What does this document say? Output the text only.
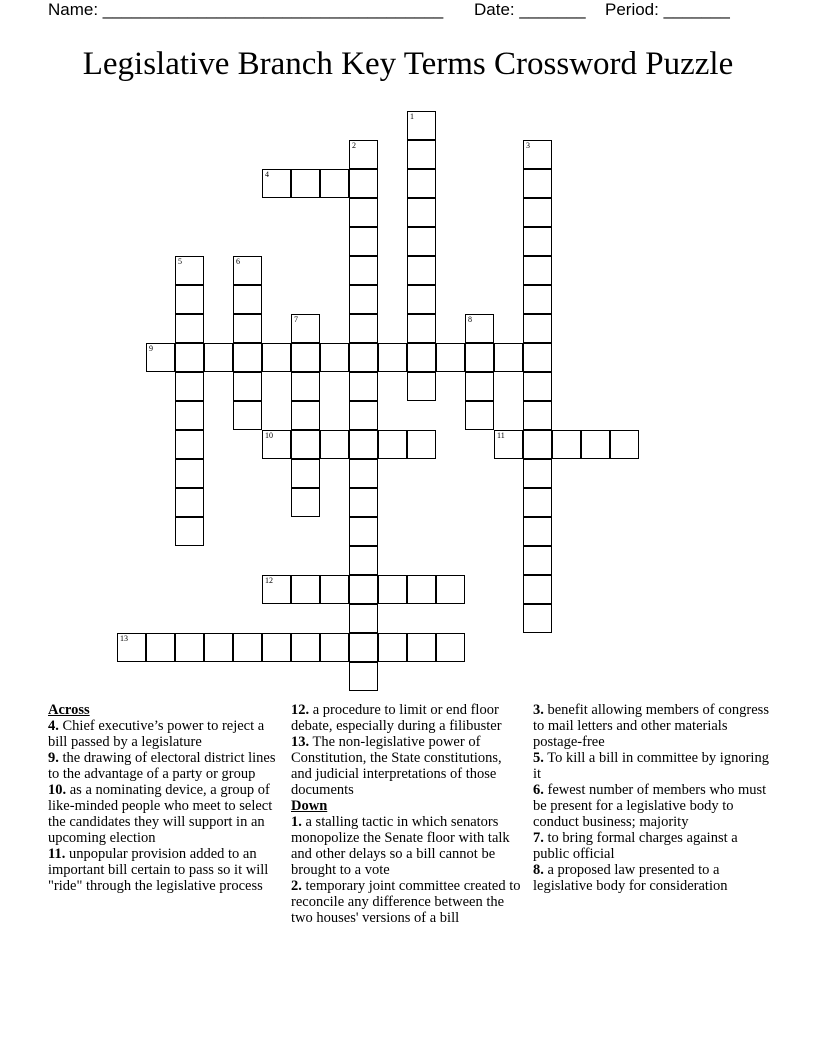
Name: ____________________________________

Date: _______

Period: _______

Legislative Branch Key Terms Crossword Puzzle
1
2	3
4
5	6
7	8
9
10	11
12
13

Across

4. Chief executive’s power to reject a bill passed by a legislature

9. the drawing of electoral district lines to the advantage of a party or group

10. as a nominating device, a group of like-minded people who meet to select the candidates they will support in an upcoming election

11. unpopular provision added to an important bill certain to pass so it will "ride" through the legislative process

12. a procedure to limit or end floor debate, especially during a filibuster

13. The non-legislative power of Constitution, the State constitutions, and judicial interpretations of those documents

Down

1. a stalling tactic in which senators monopolize the Senate floor with talk and other delays so a bill cannot be brought to a vote

2. temporary joint committee created to reconcile any difference between the two houses' versions of a bill

3. benefit allowing members of congress to mail letters and other materials postage-free

5. To kill a bill in committee by ignoring it

6. fewest number of members who must be present for a legislative body to conduct business; majority

7. to bring formal charges against a public official

8. a proposed law presented to a legislative body for consideration
